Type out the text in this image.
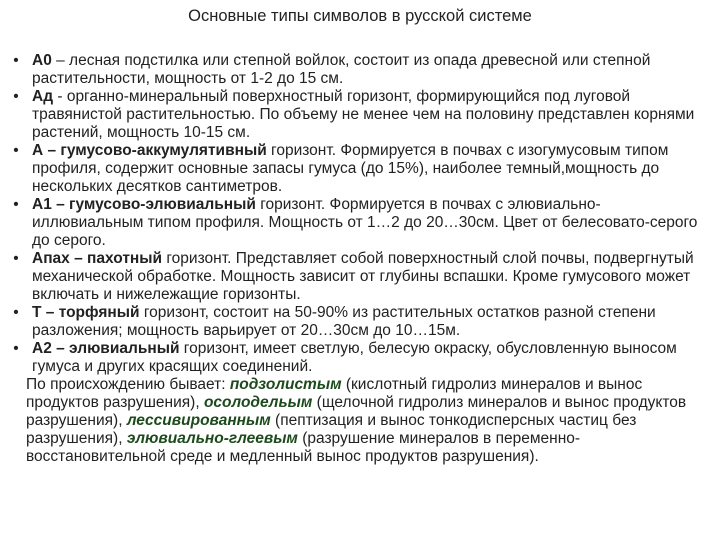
Основные типы символов в русской системе
• А0 – лесная подстилка или степной войлок, состоит из опада древесной или степной растительности, мощность от 1-2 до 15 см.
• Ад - органно-минеральный поверхностный горизонт, формирующийся под луговой травянистой растительностью. По объему не менее чем на половину представлен корнями растений, мощность 10-15 см.
• А – гумусово-аккумулятивный горизонт. Формируется в почвах с изогумусовым типом профиля, содержит основные запасы гумуса (до 15%), наиболее темный,мощность до нескольких десятков сантиметров.
• А1 – гумусово-элювиальный горизонт. Формируется в почвах с элювиально-иллювиальным типом профиля. Мощность от 1…2 до 20…30см. Цвет от белесовато-серого до серого.
• Апах – пахотный горизонт. Представляет собой поверхностный слой почвы, подвергнутый механической обработке. Мощность зависит от глубины вспашки. Кроме гумусового может включать и нижележащие горизонты.
• Т – торфяный горизонт, состоит на 50-90% из растительных остатков разной степени разложения; мощность варьирует от 20…30см до 10…15м.
• А2 – элювиальный горизонт, имеет светлую, белесую окраску, обусловленную выносом гумуса и других красящих соединений.
По происхождению бывает: подзолистым (кислотный гидролиз минералов и вынос продуктов разрушения), осолодельым (щелочной гидролиз минералов и вынос продуктов разрушения), лессивированным (пептизация и вынос тонкодисперсных частиц без разрушения), элювиально-глеевым (разрушение минералов в переменно-восстановительной среде и медленный вынос продуктов разрушения).
